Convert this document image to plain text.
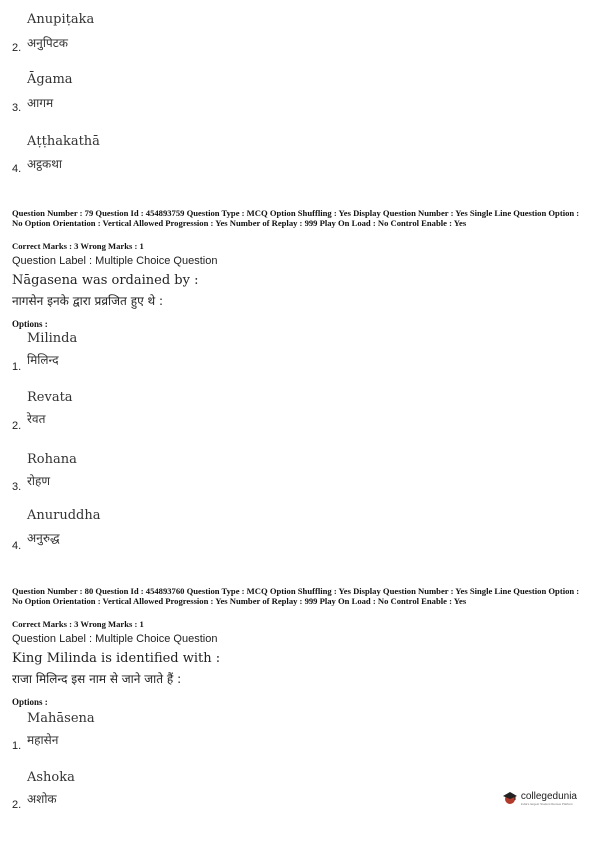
Anupiṭaka
2. अनुपिटक
Āgama
3. आगम
Aṭṭhakathā
4. अट्ठकथा
Question Number : 79 Question Id : 454893759 Question Type : MCQ Option Shuffling : Yes Display Question Number : Yes Single Line Question Option : No Option Orientation : Vertical Allowed Progression : Yes Number of Replay : 999 Play On Load : No Control Enable : Yes
Correct Marks : 3 Wrong Marks : 1
Question Label : Multiple Choice Question
Nāgasena was ordained by :
नागसेन इनके द्वारा प्रव्रजित हुए थे :
Options :
Milinda
1. मिलिन्द
Revata
2. रेवत
Rohana
3. रोहण
Anuruddha
4.
अनुरुद्ध
Question Number : 80 Question Id : 454893760 Question Type : MCQ Option Shuffling : Yes Display Question Number : Yes Single Line Question Option : No Option Orientation : Vertical Allowed Progression : Yes Number of Replay : 999 Play On Load : No Control Enable : Yes
Correct Marks : 3 Wrong Marks : 1
Question Label : Multiple Choice Question
King Milinda is identified with :
राजा मिलिन्द इस नाम से जाने जाते हैं :
Options :
Mahāsena
1. महासेन
Ashoka
2. अशोक	collegedunia
India's largest Student Review Platform
